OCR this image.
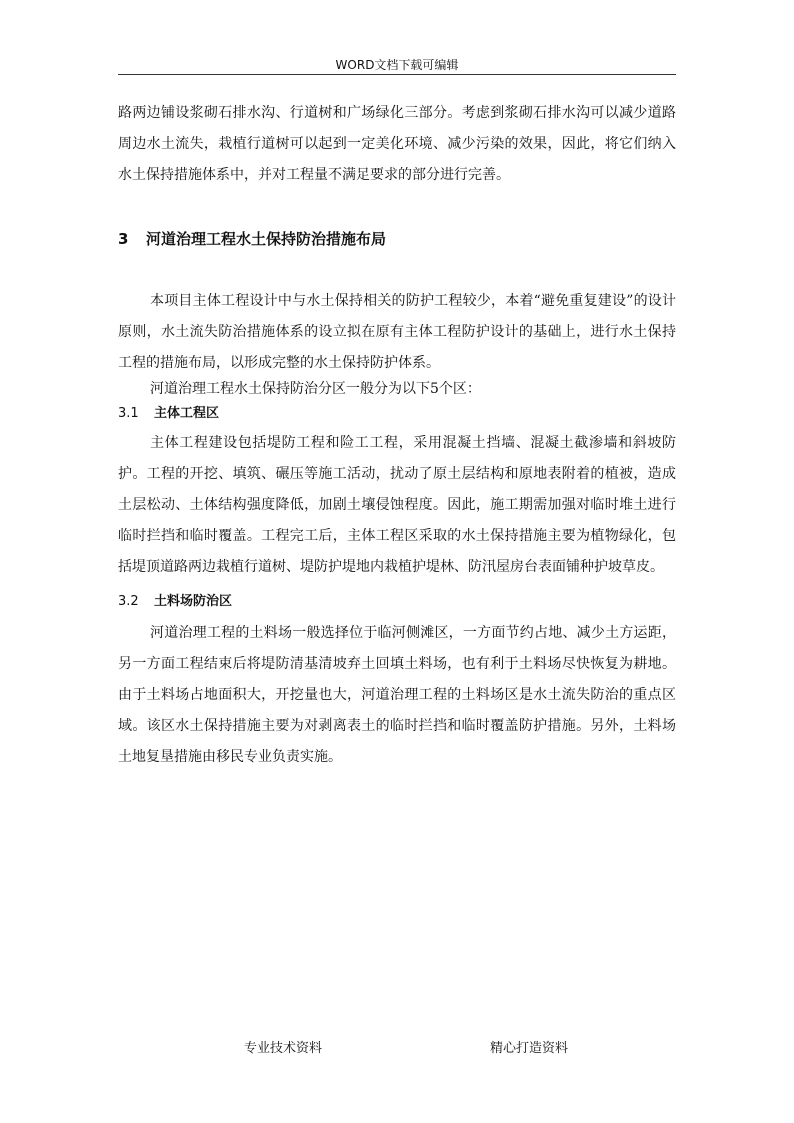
WORD文档下载可编辑

路两边铺设浆砌石排水沟、行道树和广场绿化三部分。考虑到浆砌石排水沟可以减少道路周边水土流失，栽植行道树可以起到一定美化环境、减少污染的效果，因此，将它们纳入水土保持措施体系中，并对工程量不满足要求的部分进行完善。

3 河道治理工程水土保持防治措施布局

本项目主体工程设计中与水土保持相关的防护工程较少，本着“避免重复建设”的设计原则，水土流失防治措施体系的设立拟在原有主体工程防护设计的基础上，进行水土保持工程的措施布局，以形成完整的水土保持防护体系。

河道治理工程水土保持防治分区一般分为以下5个区：

3.1 主体工程区

主体工程建设包括堤防工程和险工工程，采用混凝土挡墙、混凝土截渗墙和斜坡防护。工程的开挖、填筑、碾压等施工活动，扰动了原土层结构和原地表附着的植被，造成土层松动、土体结构强度降低，加剧土壤侵蚀程度。因此，施工期需加强对临时堆土进行临时拦挡和临时覆盖。工程完工后，主体工程区采取的水土保持措施主要为植物绿化，包括堤顶道路两边栽植行道树、堤防护堤地内栽植护堤林、防汛屋房台表面铺种护坡草皮。

3.2 土料场防治区

河道治理工程的土料场一般选择位于临河侧滩区，一方面节约占地、减少土方运距，另一方面工程结束后将堤防清基清坡弃土回填土料场，也有利于土料场尽快恢复为耕地。由于土料场占地面积大，开挖量也大，河道治理工程的土料场区是水土流失防治的重点区域。该区水土保持措施主要为对剥离表土的临时拦挡和临时覆盖防护措施。另外，土料场土地复垦措施由移民专业负责实施。

专业技术资料	精心打造资料
